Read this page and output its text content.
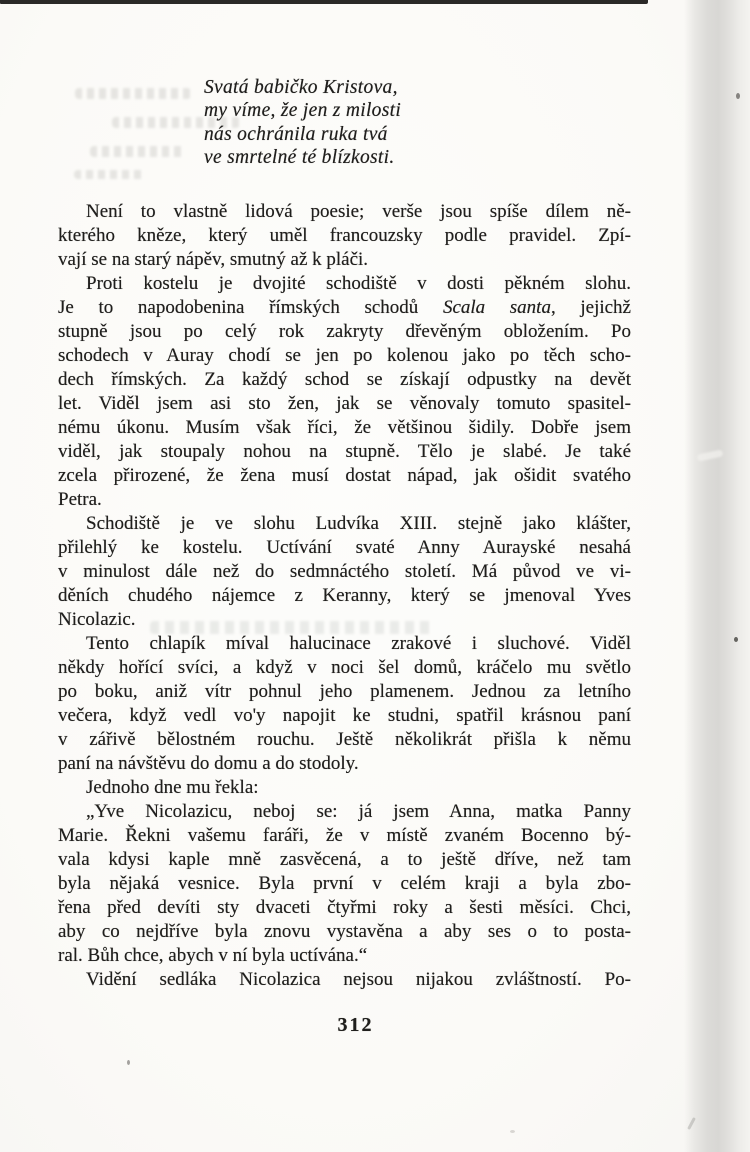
Svatá babičko Kristova,
my víme, že jen z milosti
nás ochránila ruka tvá
ve smrtelné té blízkosti.
Není to vlastně lidová poesie; verše jsou spíše dílem ně-
kterého kněze, který uměl francouzsky podle pravidel. Zpí-
vají se na starý nápěv, smutný až k pláči.
Proti kostelu je dvojité schodiště v dosti pěkném slohu.
Je to napodobenina římských schodů Scala santa, jejichž
stupně jsou po celý rok zakryty dřevěným obložením. Po
schodech v Auray chodí se jen po kolenou jako po těch scho-
dech římských. Za každý schod se získají odpustky na devět
let. Viděl jsem asi sto žen, jak se věnovaly tomuto spasitel-
nému úkonu. Musím však říci, že většinou šidily. Dobře jsem
viděl, jak stoupaly nohou na stupně. Tělo je slabé. Je také
zcela přirozené, že žena musí dostat nápad, jak ošidit svatého
Petra.
Schodiště je ve slohu Ludvíka XIII. stejně jako klášter,
přilehlý ke kostelu. Uctívání svaté Anny Aurayské nesahá
v minulost dále než do sedmnáctého století. Má původ ve vi-
děních chudého nájemce z Keranny, který se jmenoval Yves
Nicolazic.
Tento chlapík míval halucinace zrakové i sluchové. Viděl
někdy hořící svíci, a když v noci šel domů, kráčelo mu světlo
po boku, aniž vítr pohnul jeho plamenem. Jednou za letního
večera, když vedl vo'y napojit ke studni, spatřil krásnou paní
v zářivě bělostném rouchu. Ještě několikrát přišla k němu
paní na návštěvu do domu a do stodoly.
Jednoho dne mu řekla:
„Yve Nicolazicu, neboj se: já jsem Anna, matka Panny
Marie. Řekni vašemu faráři, že v místě zvaném Bocenno bý-
vala kdysi kaple mně zasvěcená, a to ještě dříve, než tam
byla nějaká vesnice. Byla první v celém kraji a byla zbo-
řena před devíti sty dvaceti čtyřmi roky a šesti měsíci. Chci,
aby co nejdříve byla znovu vystavěna a aby ses o to posta-
ral. Bůh chce, abych v ní byla uctívána.“
Vidění sedláka Nicolazica nejsou nijakou zvláštností. Po-
312
